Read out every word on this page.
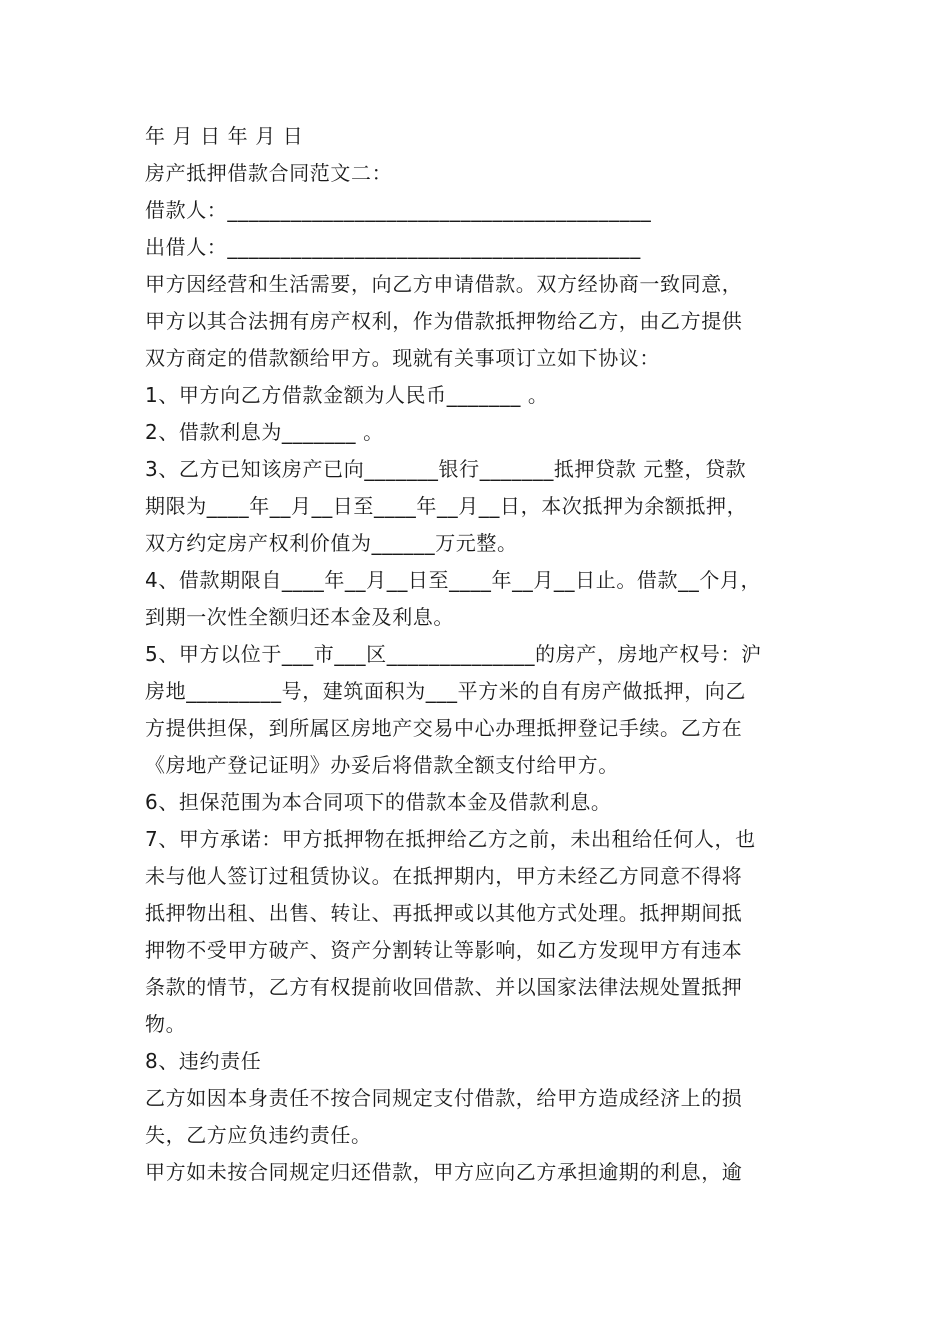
年 月 日 年 月 日

房产抵押借款合同范文二：

借款人：________________________________________

出借人：_______________________________________

甲方因经营和生活需要，向乙方申请借款。双方经协商一致同意，

甲方以其合法拥有房产权利，作为借款抵押物给乙方，由乙方提供

双方商定的借款额给甲方。现就有关事项订立如下协议：

1、甲方向乙方借款金额为人民币_______ 。

2、借款利息为_______ 。

3、乙方已知该房产已向_______银行_______抵押贷款 元整，贷款

期限为____年__月__日至____年__月__日，本次抵押为余额抵押，

双方约定房产权利价值为______万元整。

4、借款期限自____年__月__日至____年__月__日止。借款__个月，

到期一次性全额归还本金及利息。

5、甲方以位于___市___区______________的房产，房地产权号：沪

房地_________号，建筑面积为___平方米的自有房产做抵押，向乙

方提供担保，到所属区房地产交易中心办理抵押登记手续。乙方在

《房地产登记证明》办妥后将借款全额支付给甲方。

6、担保范围为本合同项下的借款本金及借款利息。

7、甲方承诺：甲方抵押物在抵押给乙方之前，未出租给任何人，也

未与他人签订过租赁协议。在抵押期内，甲方未经乙方同意不得将

抵押物出租、出售、转让、再抵押或以其他方式处理。抵押期间抵

押物不受甲方破产、资产分割转让等影响，如乙方发现甲方有违本

条款的情节，乙方有权提前收回借款、并以国家法律法规处置抵押

物。

8、违约责任

乙方如因本身责任不按合同规定支付借款，给甲方造成经济上的损

失，乙方应负违约责任。

甲方如未按合同规定归还借款，甲方应向乙方承担逾期的利息，逾
